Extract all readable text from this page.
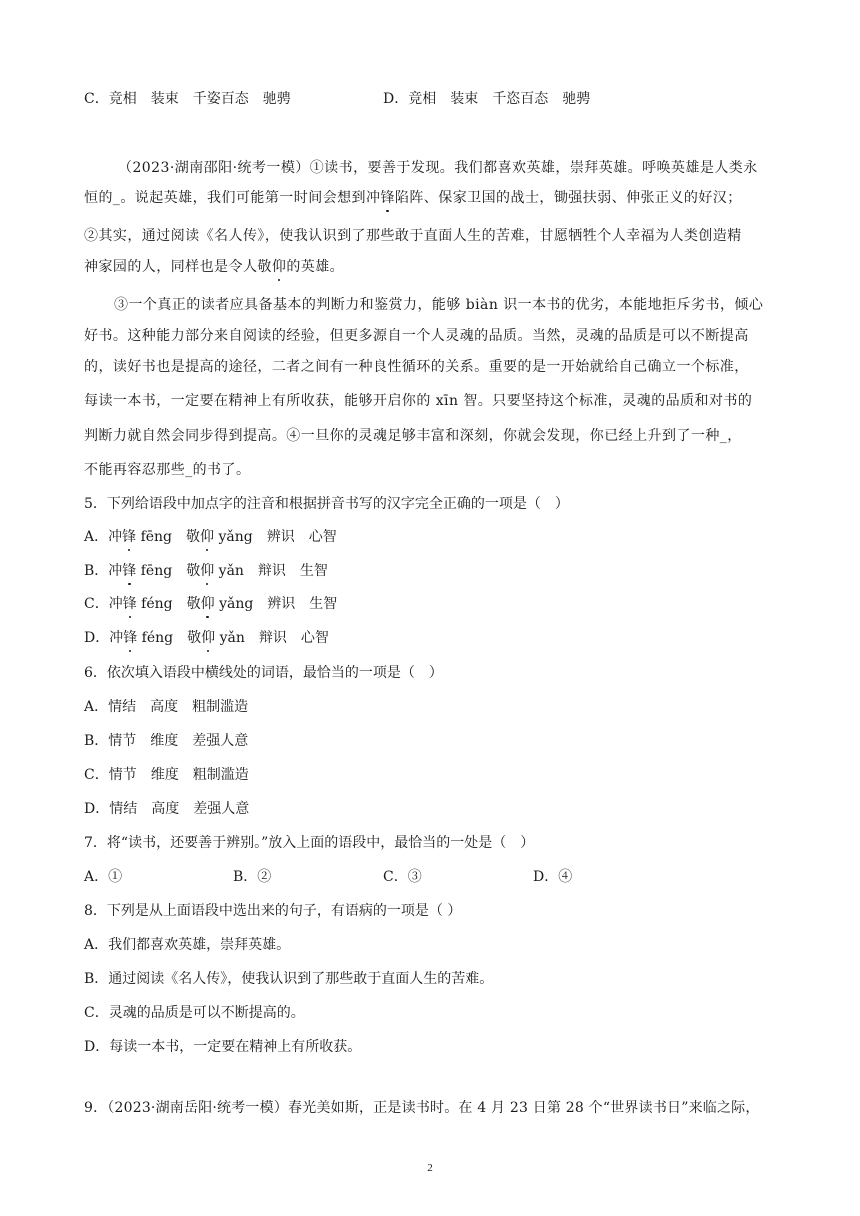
C．竞相　装束　千姿百态　驰骋	D．竞相　装束　千恣百态　驰骋
（2023·湖南邵阳·统考一模）①读书，要善于发现。我们都喜欢英雄，崇拜英雄。呼唤英雄是人类永
恒的_。说起英雄，我们可能第一时间会想到冲锋陷阵、保家卫国的战士，锄强扶弱、伸张正义的好汉；
②其实，通过阅读《名人传》，使我认识到了那些敢于直面人生的苦难，甘愿牺牲个人幸福为人类创造精
神家园的人，同样也是令人敬仰的英雄。
③一个真正的读者应具备基本的判断力和鉴赏力，能够 biàn 识一本书的优劣，本能地拒斥劣书，倾心
好书。这种能力部分来自阅读的经验，但更多源自一个人灵魂的品质。当然，灵魂的品质是可以不断提高
的，读好书也是提高的途径，二者之间有一种良性循环的关系。重要的是一开始就给自己确立一个标准，
每读一本书，一定要在精神上有所收获，能够开启你的 xīn 智。只要坚持这个标准，灵魂的品质和对书的
判断力就自然会同步得到提高。④一旦你的灵魂足够丰富和深刻，你就会发现，你已经上升到了一种_，
不能再容忍那些_的书了。
5．下列给语段中加点字的注音和根据拼音书写的汉字完全正确的一项是（　）
A．冲锋 fēng　敬仰 yǎng　辨识　心智
B．冲锋 fēng　敬仰 yǎn　辩识　生智
C．冲锋 féng　敬仰 yǎng　辨识　生智
D．冲锋 féng　敬仰 yǎn　辩识　心智
6．依次填入语段中横线处的词语，最恰当的一项是（　）
A．情结　高度　粗制滥造
B．情节　维度　差强人意
C．情节　维度　粗制滥造
D．情结　高度　差强人意
7．将“读书，还要善于辨别。”放入上面的语段中，最恰当的一处是（　）
A．①	B．②	C．③	D．④
8．下列是从上面语段中选出来的句子，有语病的一项是（ ）
A．我们都喜欢英雄，崇拜英雄。
B．通过阅读《名人传》，使我认识到了那些敢于直面人生的苦难。
C．灵魂的品质是可以不断提高的。
D．每读一本书，一定要在精神上有所收获。
9．（2023·湖南岳阳·统考一模）春光美如斯，正是读书时。在 4 月 23 日第 28 个“世界读书日”来临之际，
2
